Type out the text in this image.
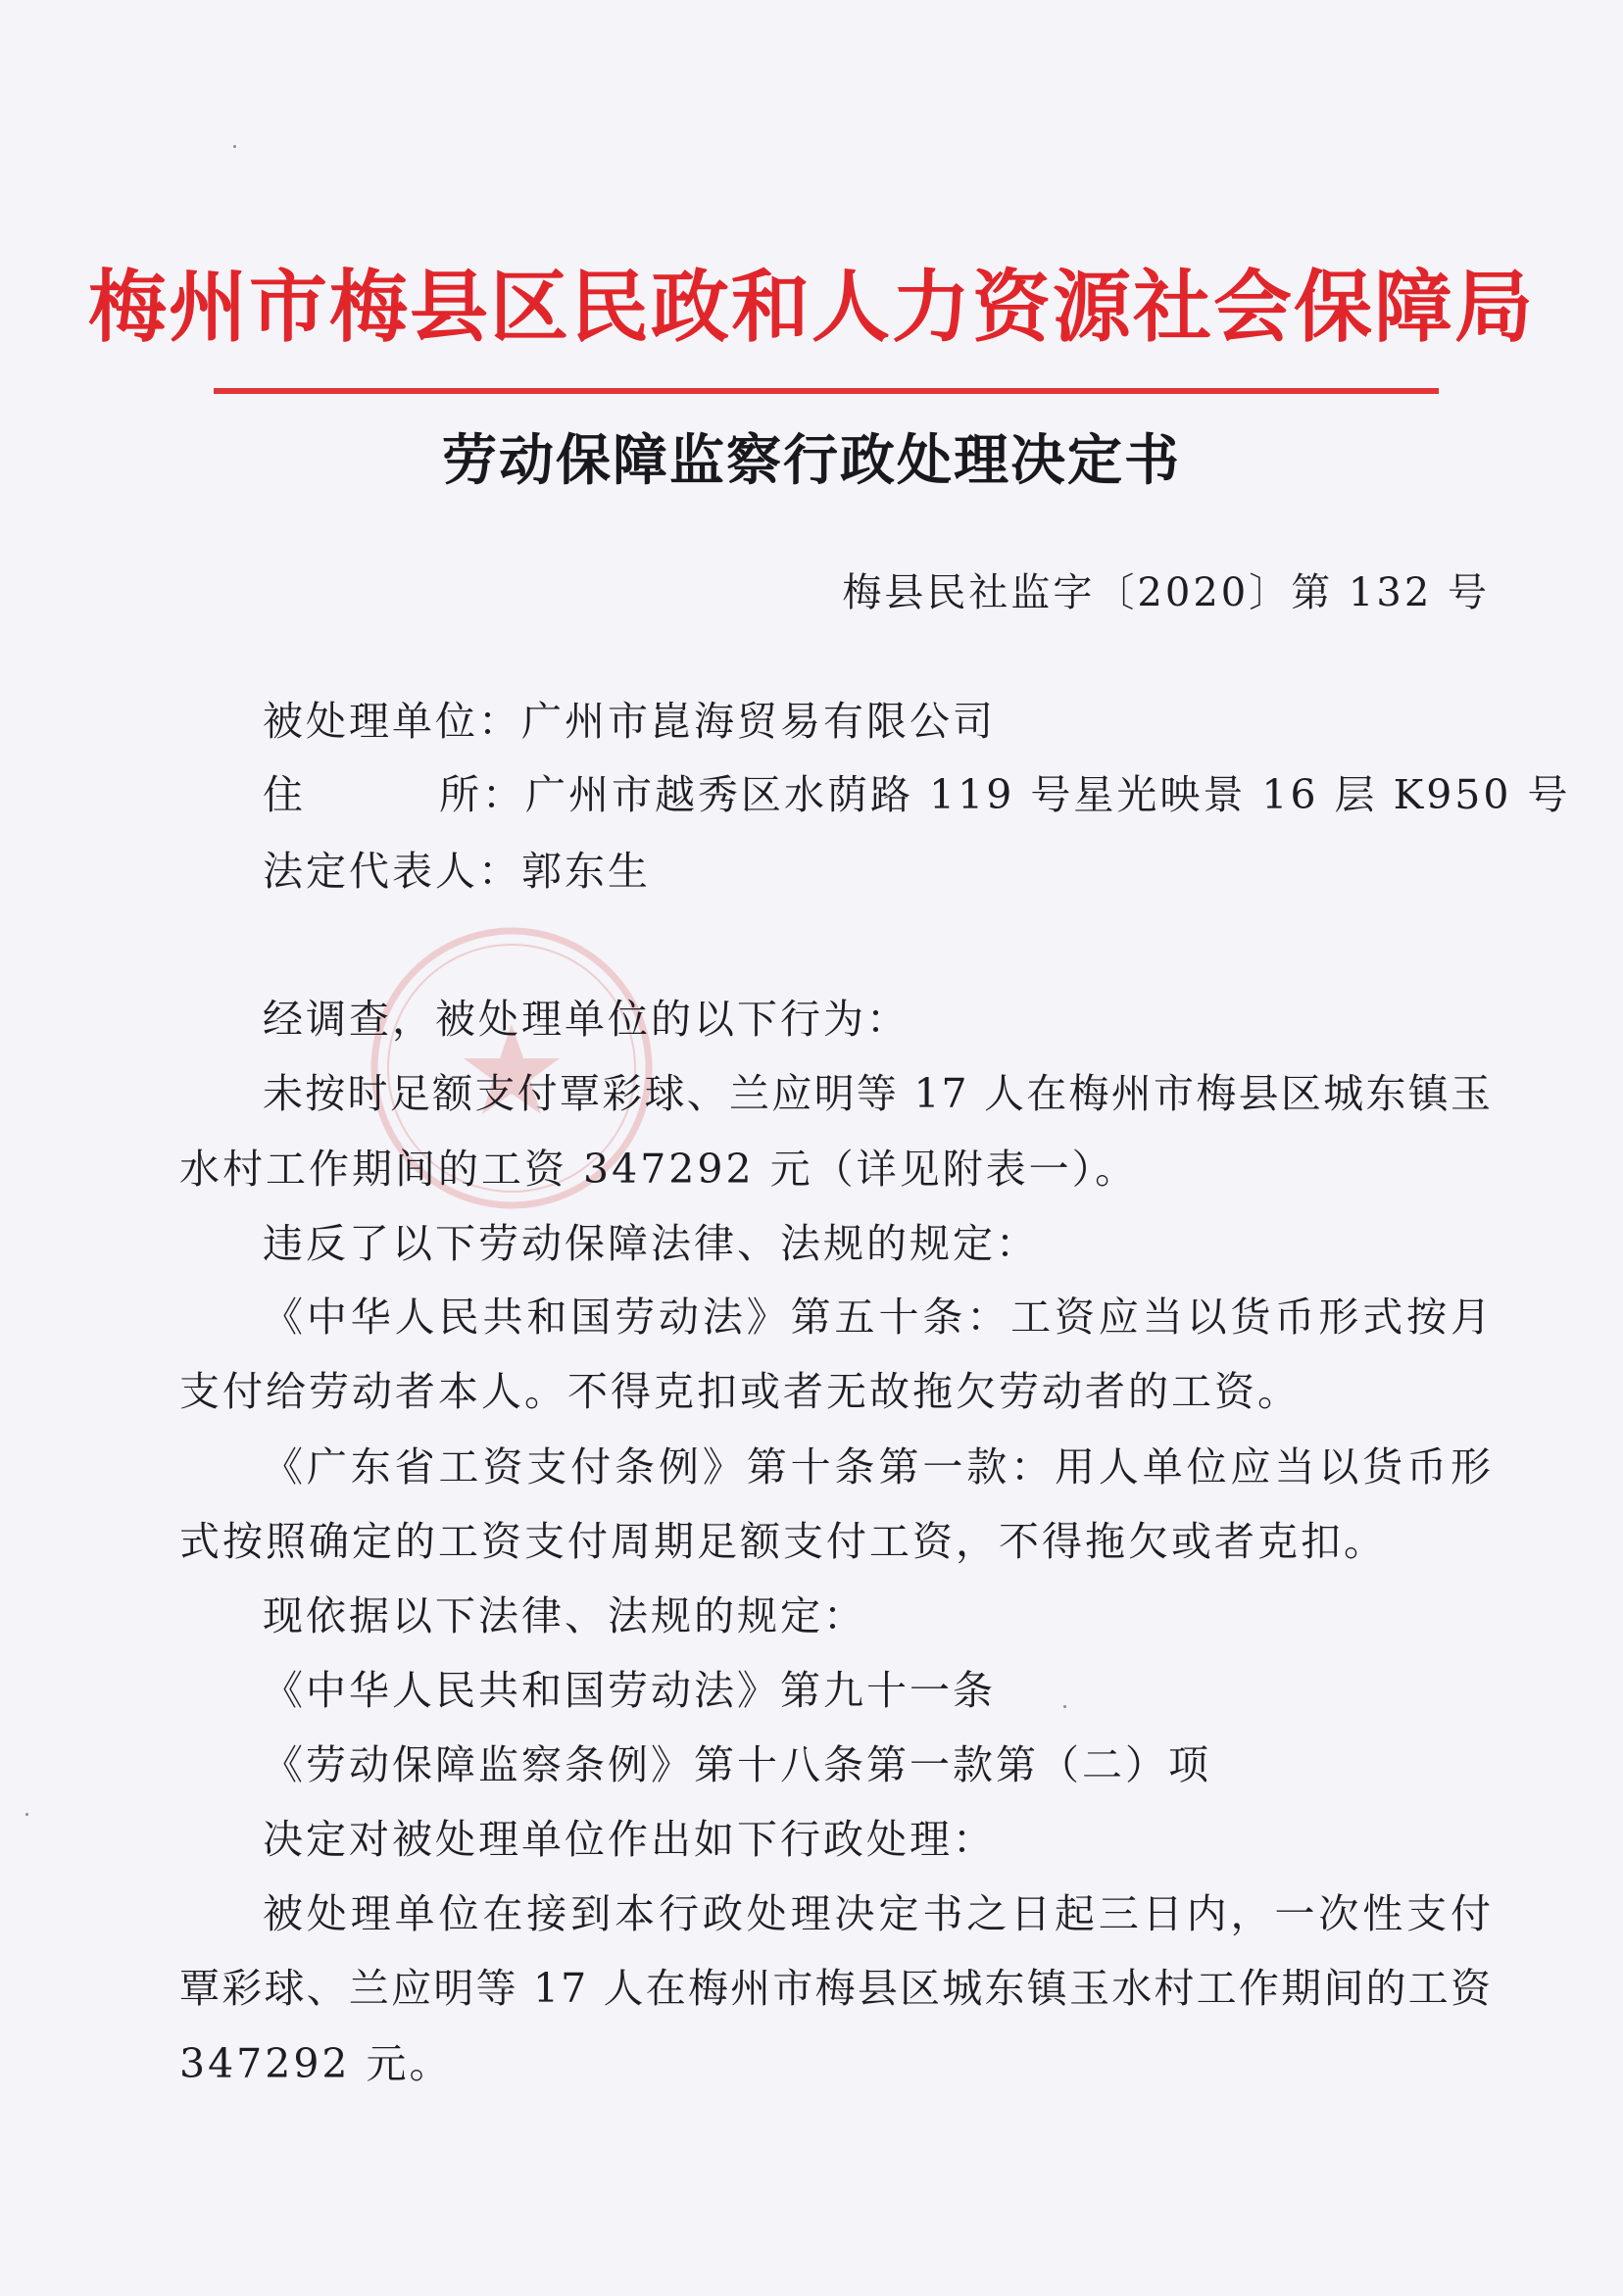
梅州市梅县区民政和人力资源社会保障局
劳动保障监察行政处理决定书
梅县民社监字〔2020〕第 132 号
被处理单位：广州市崑海贸易有限公司
住	所：广州市越秀区水荫路 119 号星光映景 16 层 K950 号
法定代表人：郭东生
经调查，被处理单位的以下行为：
未按时足额支付覃彩球、兰应明等 17 人在梅州市梅县区城东镇玉
水村工作期间的工资 347292 元（详见附表一）。
违反了以下劳动保障法律、法规的规定：
《中华人民共和国劳动法》第五十条：工资应当以货币形式按月
支付给劳动者本人。不得克扣或者无故拖欠劳动者的工资。
《广东省工资支付条例》第十条第一款：用人单位应当以货币形
式按照确定的工资支付周期足额支付工资，不得拖欠或者克扣。
现依据以下法律、法规的规定：
《中华人民共和国劳动法》第九十一条
《劳动保障监察条例》第十八条第一款第（二）项
决定对被处理单位作出如下行政处理：
被处理单位在接到本行政处理决定书之日起三日内，一次性支付
覃彩球、兰应明等 17 人在梅州市梅县区城东镇玉水村工作期间的工资
347292 元。
